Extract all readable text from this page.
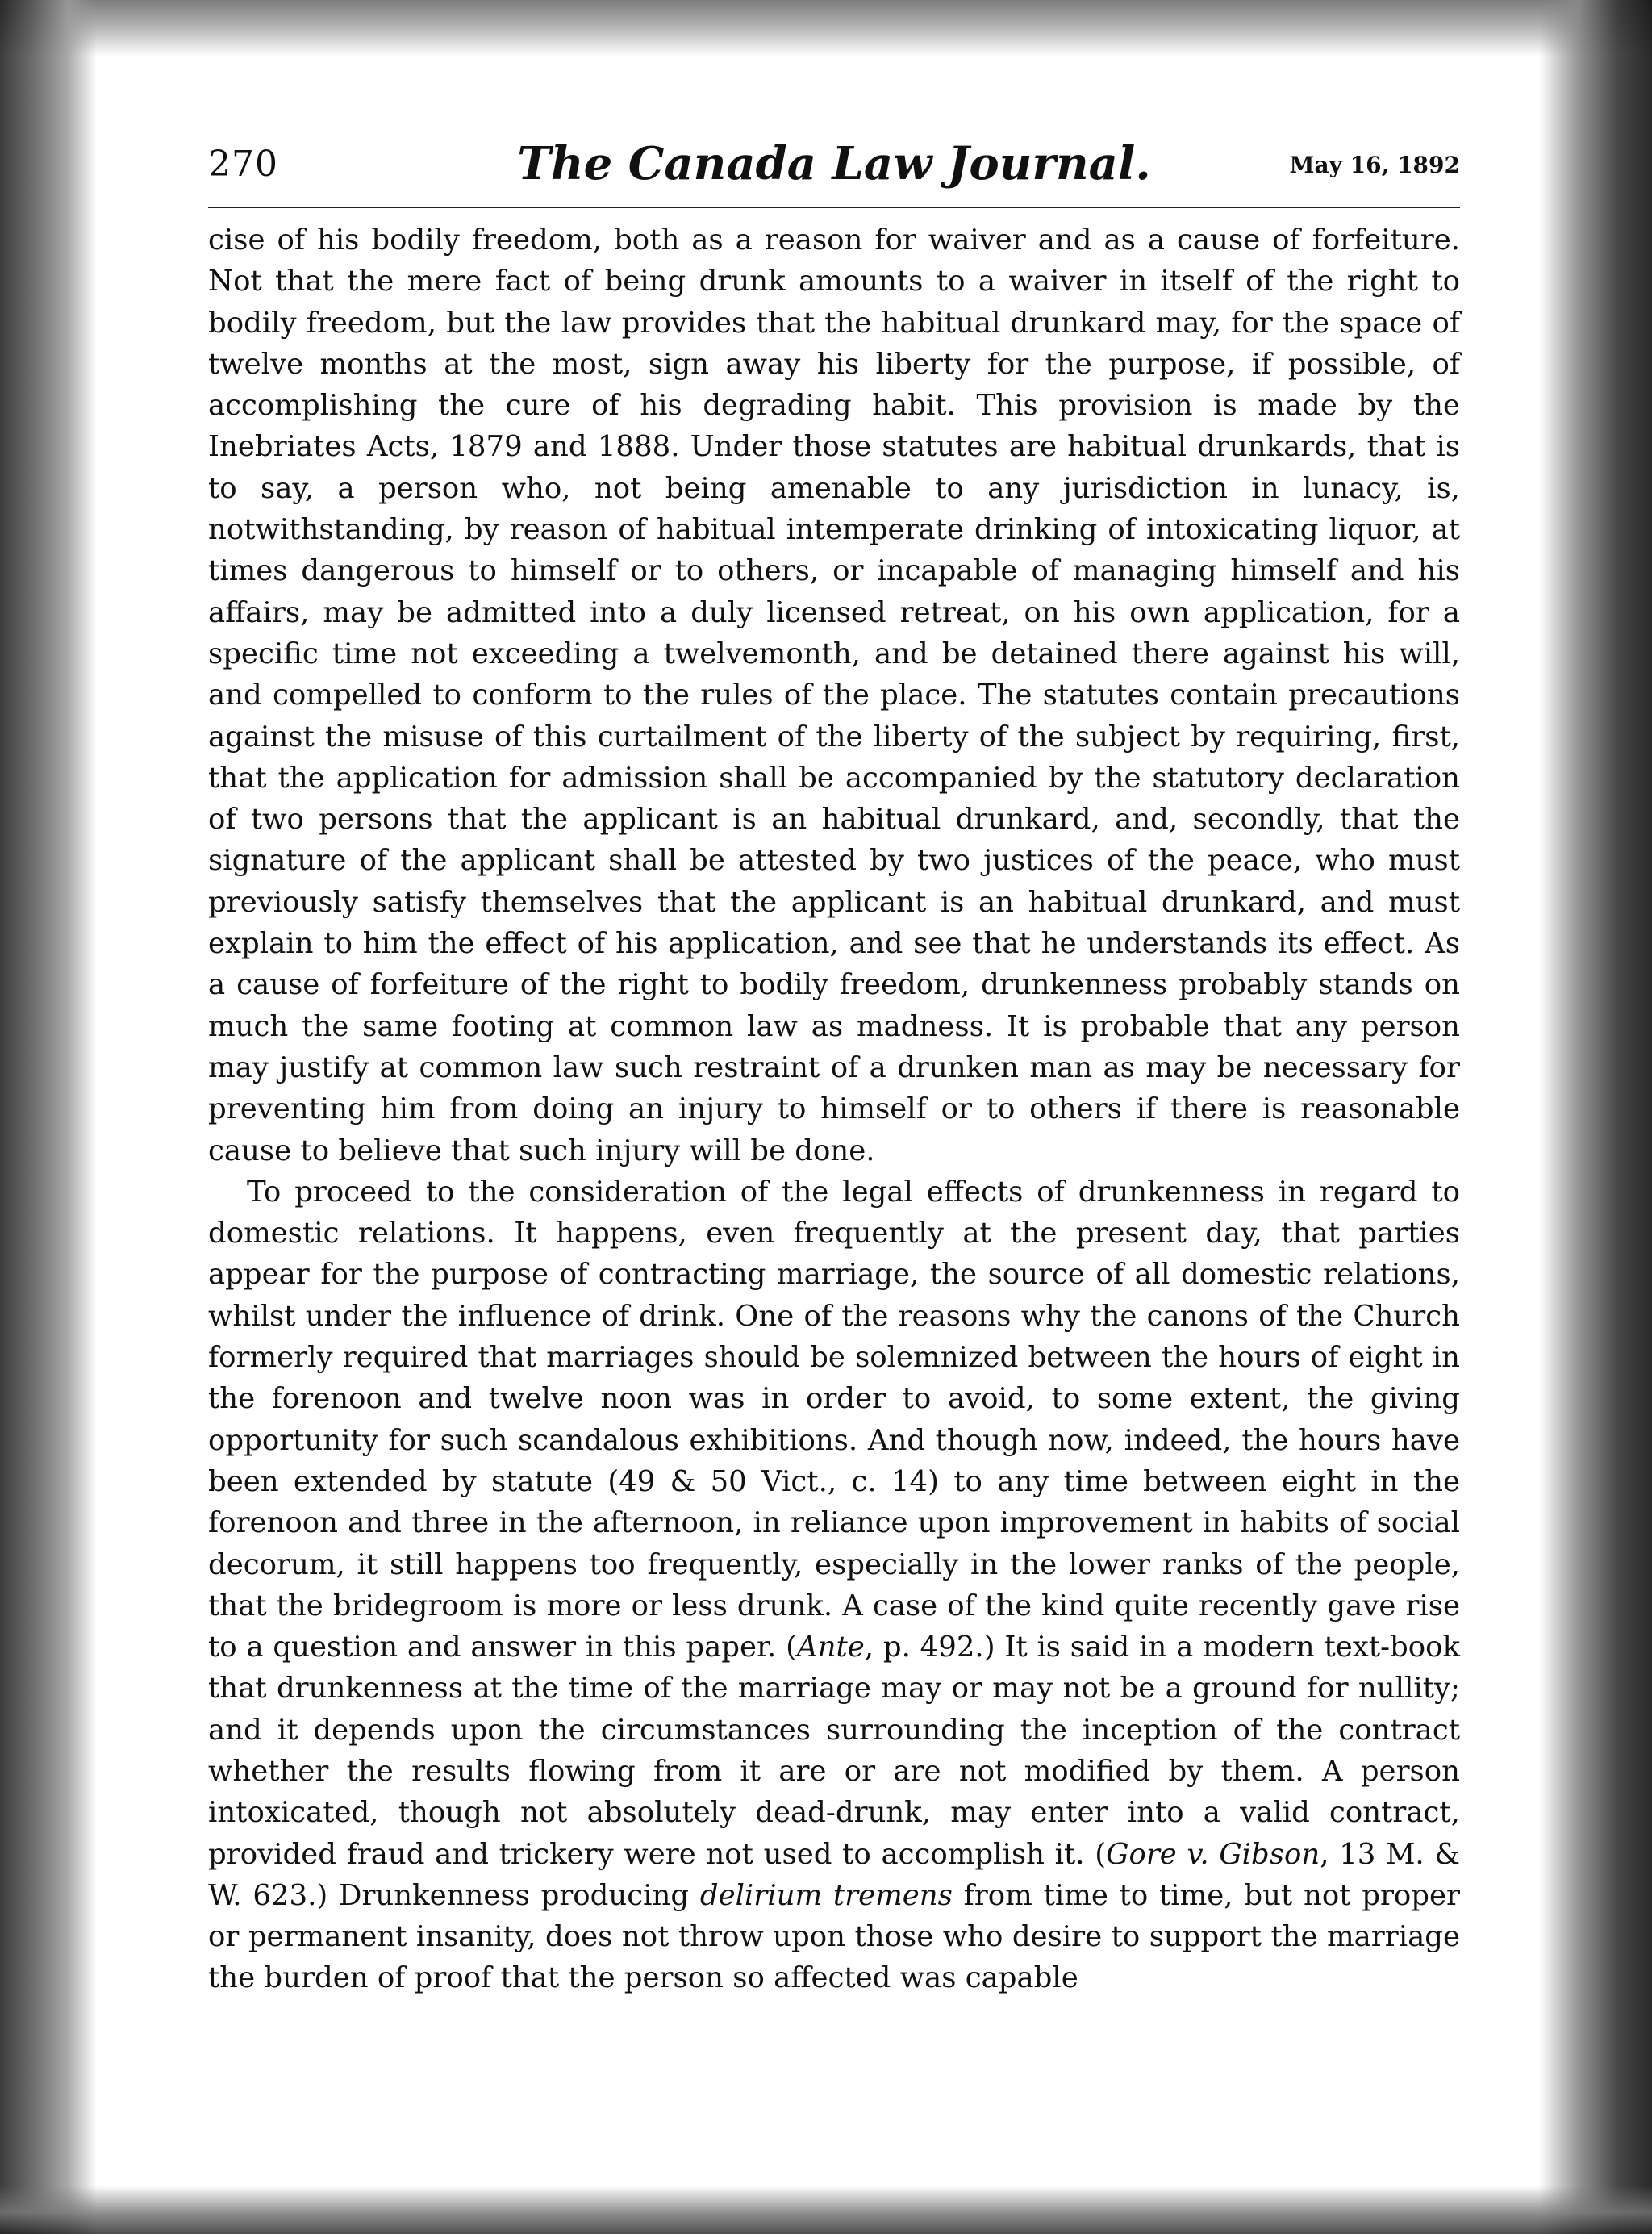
270	The Canada Law Journal.	May 16, 1892

cise of his bodily freedom, both as a reason for waiver and as a cause of forfeiture. Not that the mere fact of being drunk amounts to a waiver in itself of the right to bodily freedom, but the law provides that the habitual drunkard may, for the space of twelve months at the most, sign away his liberty for the purpose, if possible, of accomplishing the cure of his degrading habit. This provision is made by the Inebriates Acts, 1879 and 1888. Under those statutes are habitual drunkards, that is to say, a person who, not being amenable to any jurisdiction in lunacy, is, notwithstanding, by reason of habitual intemperate drinking of intoxicating liquor, at times dangerous to himself or to others, or incapable of managing himself and his affairs, may be admitted into a duly licensed retreat, on his own application, for a specific time not exceeding a twelvemonth, and be detained there against his will, and compelled to conform to the rules of the place. The statutes contain precautions against the misuse of this curtailment of the liberty of the subject by requiring, first, that the application for admission shall be accompanied by the statutory declaration of two persons that the applicant is an habitual drunkard, and, secondly, that the signature of the applicant shall be attested by two justices of the peace, who must previously satisfy themselves that the applicant is an habitual drunkard, and must explain to him the effect of his application, and see that he understands its effect. As a cause of forfeiture of the right to bodily freedom, drunkenness probably stands on much the same footing at common law as madness. It is probable that any person may justify at common law such restraint of a drunken man as may be necessary for preventing him from doing an injury to himself or to others if there is reasonable cause to believe that such injury will be done.

To proceed to the consideration of the legal effects of drunkenness in regard to domestic relations. It happens, even frequently at the present day, that parties appear for the purpose of contracting marriage, the source of all domestic relations, whilst under the influence of drink. One of the reasons why the canons of the Church formerly required that marriages should be solemnized between the hours of eight in the forenoon and twelve noon was in order to avoid, to some extent, the giving opportunity for such scandalous exhibitions. And though now, indeed, the hours have been extended by statute (49 & 50 Vict., c. 14) to any time between eight in the forenoon and three in the afternoon, in reliance upon improvement in habits of social decorum, it still happens too frequently, especially in the lower ranks of the people, that the bridegroom is more or less drunk. A case of the kind quite recently gave rise to a question and answer in this paper. (Ante, p. 492.) It is said in a modern text-book that drunkenness at the time of the marriage may or may not be a ground for nullity; and it depends upon the circumstances surrounding the inception of the contract whether the results flowing from it are or are not modified by them. A person intoxicated, though not absolutely dead-drunk, may enter into a valid contract, provided fraud and trickery were not used to accomplish it. (Gore v. Gibson, 13 M. & W. 623.) Drunkenness producing delirium tremens from time to time, but not proper or permanent insanity, does not throw upon those who desire to support the marriage the burden of proof that the person so affected was capable
